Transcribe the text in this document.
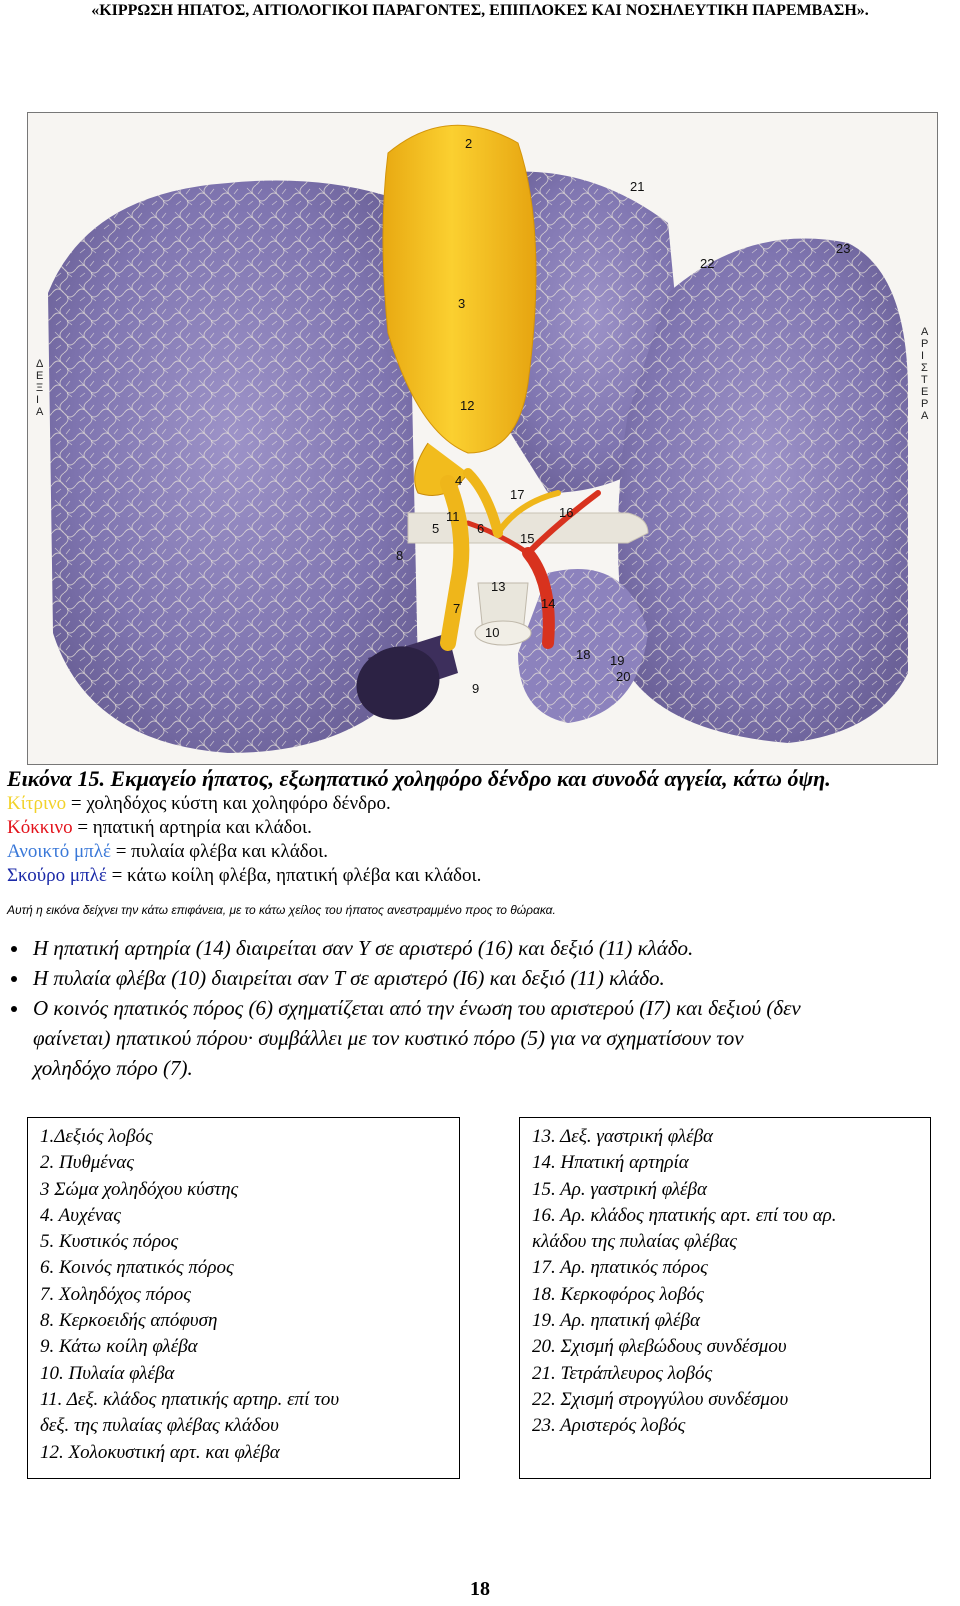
«ΚΙΡΡΩΣΗ ΗΠΑΤΟΣ, ΑΙΤΙΟΛΟΓΙΚΟΙ ΠΑΡΑΓΟΝΤΕΣ, ΕΠΙΠΛΟΚΕΣ ΚΑΙ ΝΟΣΗΛΕΥΤΙΚΗ ΠΑΡΕΜΒΑΣΗ».
2
21
23
22
3
12
4
17
5
11
6
16
15
8
13
7	14
10
18 19
20
9
Α
Ρ
Ι
Σ
Τ
Ε
Ρ
Α
Δ
Ε
Ξ
Ι
Α
Εικόνα 15. Εκμαγείο ήπατος, εξωηπατικό χοληφόρο δένδρο και συνοδά αγγεία, κάτω όψη.
Κίτρινο = χοληδόχος κύστη και χοληφόρο δένδρο.
Κόκκινο = ηπατική αρτηρία και κλάδοι.
Ανοικτό μπλέ = πυλαία φλέβα και κλάδοι.
Σκούρο μπλέ = κάτω κοίλη φλέβα, ηπατική φλέβα και κλάδοι.
Αυτή η εικόνα δείχνει την κάτω επιφάνεια, με το κάτω χείλος του ήπατος ανεστραμμένο προς το θώρακα.
Η ηπατική αρτηρία (14) διαιρείται σαν Υ σε αριστερό (16) και δεξιό (11) κλάδο.
Η πυλαία φλέβα (10) διαιρείται σαν Τ σε αριστερό (Ι6) και δεξιό (11) κλάδο.
Ο κοινός ηπατικός πόρος (6) σχηματίζεται από την ένωση του αριστερού (Ι7) και δεξιού (δεν
φαίνεται) ηπατικού πόρου· συμβάλλει με τον κυστικό πόρο (5) για να σχηματίσουν τον
χοληδόχο πόρο (7).
1.Δεξιός λοβός
2. Πυθμένας
3 Σώμα χοληδόχου κύστης
4. Αυχένας
5. Κυστικός πόρος
6. Κοινός ηπατικός πόρος
7. Χοληδόχος πόρος
8. Κερκοειδής απόφυση
9. Κάτω κοίλη φλέβα
10. Πυλαία φλέβα
11. Δεξ. κλάδος ηπατικής αρτηρ. επί του
δεξ. της πυλαίας φλέβας κλάδου
12. Χολοκυστική αρτ. και φλέβα
13. Δεξ. γαστρική φλέβα
14. Ηπατική αρτηρία
15. Αρ. γαστρική φλέβα
16. Αρ. κλάδος ηπατικής αρτ. επί του αρ.
κλάδου της πυλαίας φλέβας
17. Αρ. ηπατικός πόρος
18. Κερκοφόρος λοβός
19. Αρ. ηπατική φλέβα
20. Σχισμή φλεβώδους συνδέσμου
21. Τετράπλευρος λοβός
22. Σχισμή στρογγύλου συνδέσμου
23. Αριστερός λοβός
18
